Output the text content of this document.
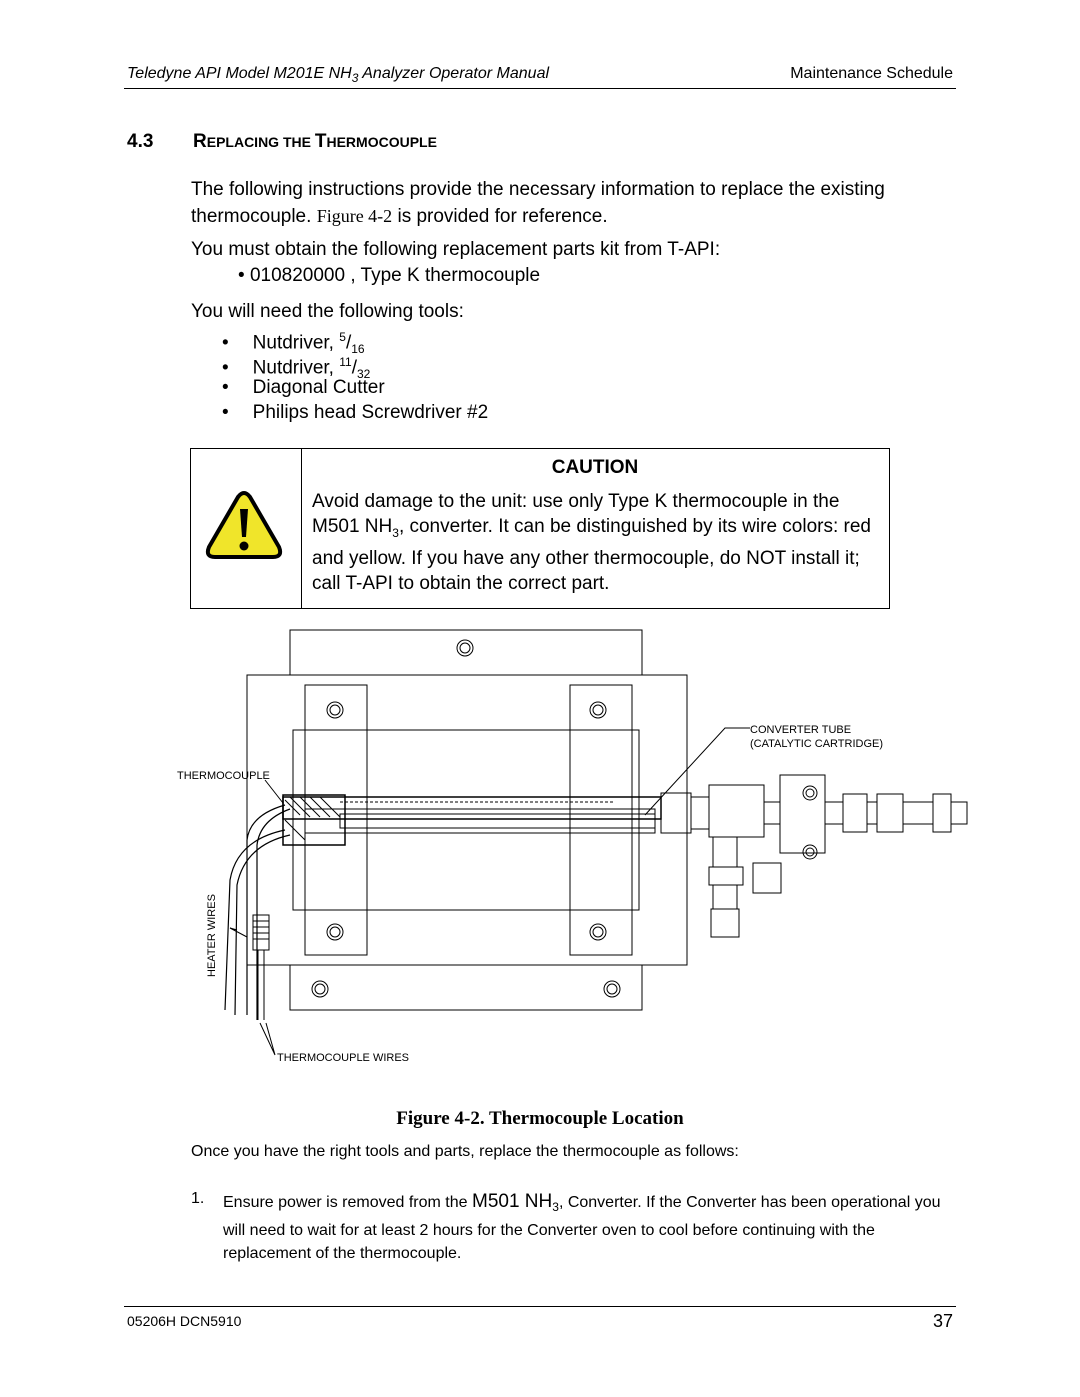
Teledyne API Model M201E $NH_3$ Analyzer Operator Manual	Maintenance Schedule
4.3 REPLACING THE THERMOCOUPLE
The following instructions provide the necessary information to replace the existing thermocouple. Figure 4-2 is provided for reference.
You must obtain the following replacement parts kit from T-API:
• 010820000 , Type K thermocouple
You will need the following tools:
• Nutdriver, $^5/_{16}$
• Nutdriver, $^{11}/_{32}$
• Diagonal Cutter
• Philips head Screwdriver #2
CAUTION
Avoid damage to the unit: use only Type K thermocouple in the M501 $NH_3$, converter. It can be distinguished by its wire colors: red and yellow. If you have any other thermocouple, do NOT install it; call T-API to obtain the correct part.
THERMOCOUPLE
CONVERTER TUBE
(CATALYTIC CARTRIDGE)
HEATER WIRES
THERMOCOUPLE WIRES
Figure 4-2. Thermocouple Location
Once you have the right tools and parts, replace the thermocouple as follows:
1. Ensure power is removed from the M501 $NH_3$, Converter. If the Converter has been operational you will need to wait for at least 2 hours for the Converter oven to cool before continuing with the replacement of the thermocouple.
05206H DCN5910	37
